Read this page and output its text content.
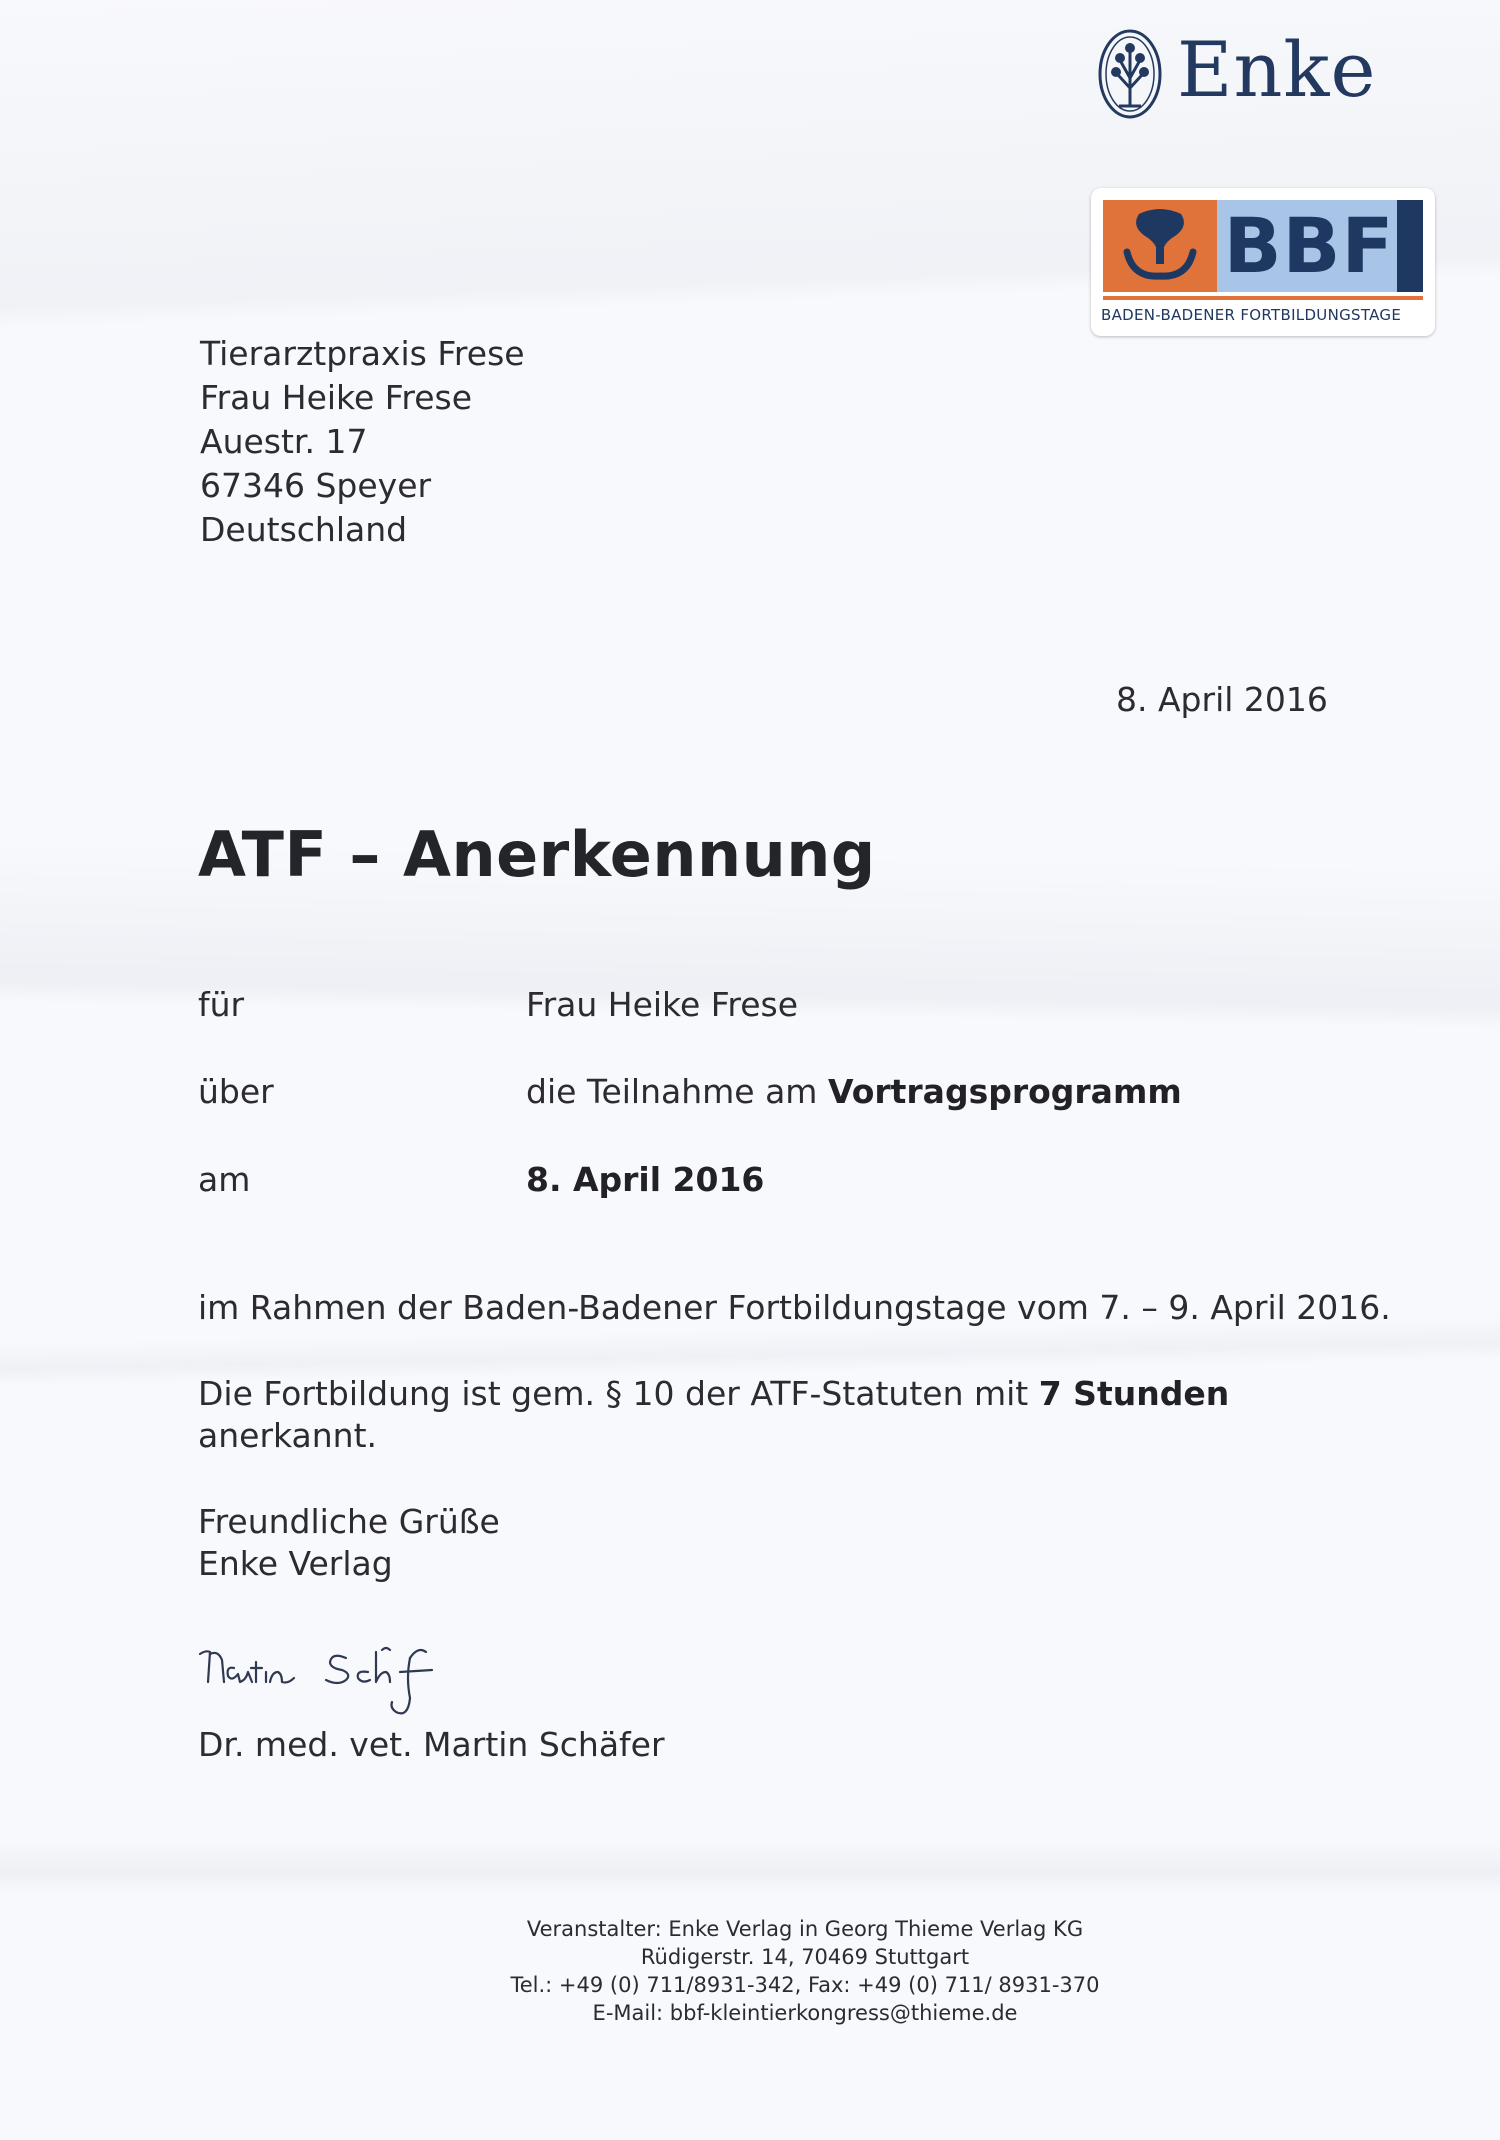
Enke
BBF
BADEN-BADENER FORTBILDUNGSTAGE
Tierarztpraxis Frese
Frau Heike Frese
Auestr. 17
67346 Speyer
Deutschland
8. April 2016
ATF – Anerkennung
für	Frau Heike Frese
über	die Teilnahme am Vortragsprogramm
am	8. April 2016
im Rahmen der Baden-Badener Fortbildungstage vom 7. – 9. April 2016.
Die Fortbildung ist gem. § 10 der ATF-Statuten mit 7 Stunden
anerkannt.
Freundliche Grüße
Enke Verlag
Dr. med. vet. Martin Schäfer
Veranstalter: Enke Verlag in Georg Thieme Verlag KG
Rüdigerstr. 14, 70469 Stuttgart
Tel.: +49 (0) 711/8931-342, Fax: +49 (0) 711/ 8931-370
E-Mail: bbf-kleintierkongress@thieme.de
